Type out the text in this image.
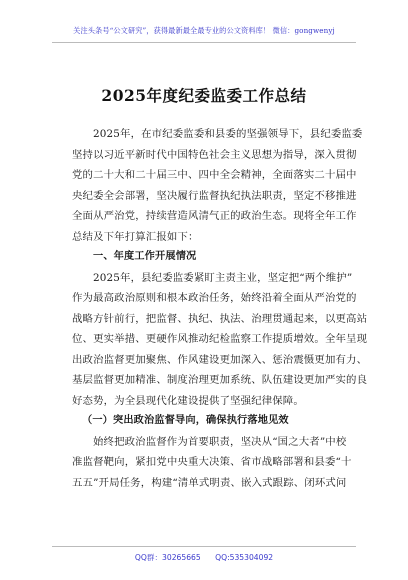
关注头条号“公文研究”，获得最新最全最专业的公文资料库！ 微信：gongwenyj
2025年度纪委监委工作总结
2025年，在市纪委监委和县委的坚强领导下，县纪委监委
坚持以习近平新时代中国特色社会主义思想为指导，深入贯彻
党的二十大和二十届三中、四中全会精神，全面落实二十届中
央纪委全会部署，坚决履行监督执纪执法职责，坚定不移推进
全面从严治党，持续营造风清气正的政治生态。现将全年工作
总结及下年打算汇报如下：
一、年度工作开展情况
2025年，县纪委监委紧盯主责主业，坚定把“两个维护”
作为最高政治原则和根本政治任务，始终沿着全面从严治党的
战略方针前行，把监督、执纪、执法、治理贯通起来，以更高站
位、更实举措、更硬作风推动纪检监察工作提质增效。全年呈现
出政治监督更加聚焦、作风建设更加深入、惩治震慑更加有力、
基层监督更加精准、制度治理更加系统、队伍建设更加严实的良
好态势，为全县现代化建设提供了坚强纪律保障。
（一）突出政治监督导向，确保执行落地见效
始终把政治监督作为首要职责，坚决从“国之大者”中校
准监督靶向，紧扣党中央重大决策、省市战略部署和县委“十
五五”开局任务，构建“清单式明责、嵌入式跟踪、闭环式问
QQ群：30265665 QQ:535304092
